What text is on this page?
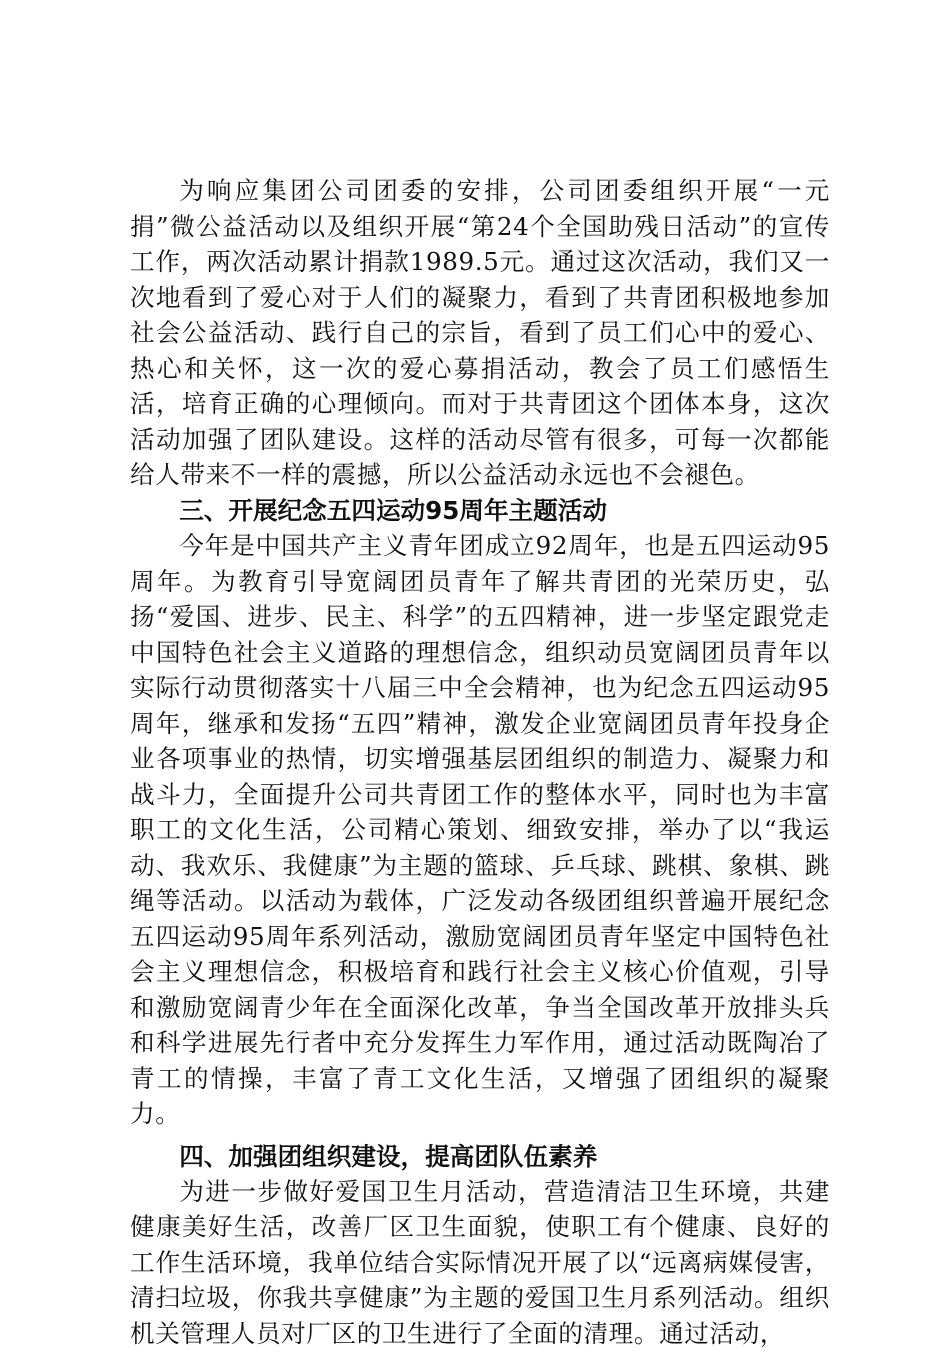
为响应集团公司团委的安排，公司团委组织开展“一元捐”微公益活动以及组织开展“第24个全国助残日活动”的宣传工作，两次活动累计捐款1989.5元。通过这次活动，我们又一次地看到了爱心对于人们的凝聚力，看到了共青团积极地参加社会公益活动、践行自己的宗旨，看到了员工们心中的爱心、热心和关怀，这一次的爱心募捐活动，教会了员工们感悟生活，培育正确的心理倾向。而对于共青团这个团体本身，这次活动加强了团队建设。这样的活动尽管有很多，可每一次都能给人带来不一样的震撼，所以公益活动永远也不会褪色。

三、开展纪念五四运动95周年主题活动

今年是中国共产主义青年团成立92周年，也是五四运动95周年。为教育引导宽阔团员青年了解共青团的光荣历史，弘扬“爱国、进步、民主、科学”的五四精神，进一步坚定跟党走中国特色社会主义道路的理想信念，组织动员宽阔团员青年以实际行动贯彻落实十八届三中全会精神，也为纪念五四运动95周年，继承和发扬“五四”精神，激发企业宽阔团员青年投身企业各项事业的热情，切实增强基层团组织的制造力、凝聚力和战斗力，全面提升公司共青团工作的整体水平，同时也为丰富职工的文化生活，公司精心策划、细致安排，举办了以“我运动、我欢乐、我健康”为主题的篮球、乒乓球、跳棋、象棋、跳绳等活动。以活动为载体，广泛发动各级团组织普遍开展纪念五四运动95周年系列活动，激励宽阔团员青年坚定中国特色社会主义理想信念，积极培育和践行社会主义核心价值观，引导和激励宽阔青少年在全面深化改革，争当全国改革开放排头兵和科学进展先行者中充分发挥生力军作用，通过活动既陶冶了青工的情操，丰富了青工文化生活，又增强了团组织的凝聚力。

四、加强团组织建设，提高团队伍素养

为进一步做好爱国卫生月活动，营造清洁卫生环境，共建健康美好生活，改善厂区卫生面貌，使职工有个健康、良好的工作生活环境，我单位结合实际情况开展了以“远离病媒侵害，清扫垃圾，你我共享健康”为主题的爱国卫生月系列活动。组织机关管理人员对厂区的卫生进行了全面的清理。通过活动，
